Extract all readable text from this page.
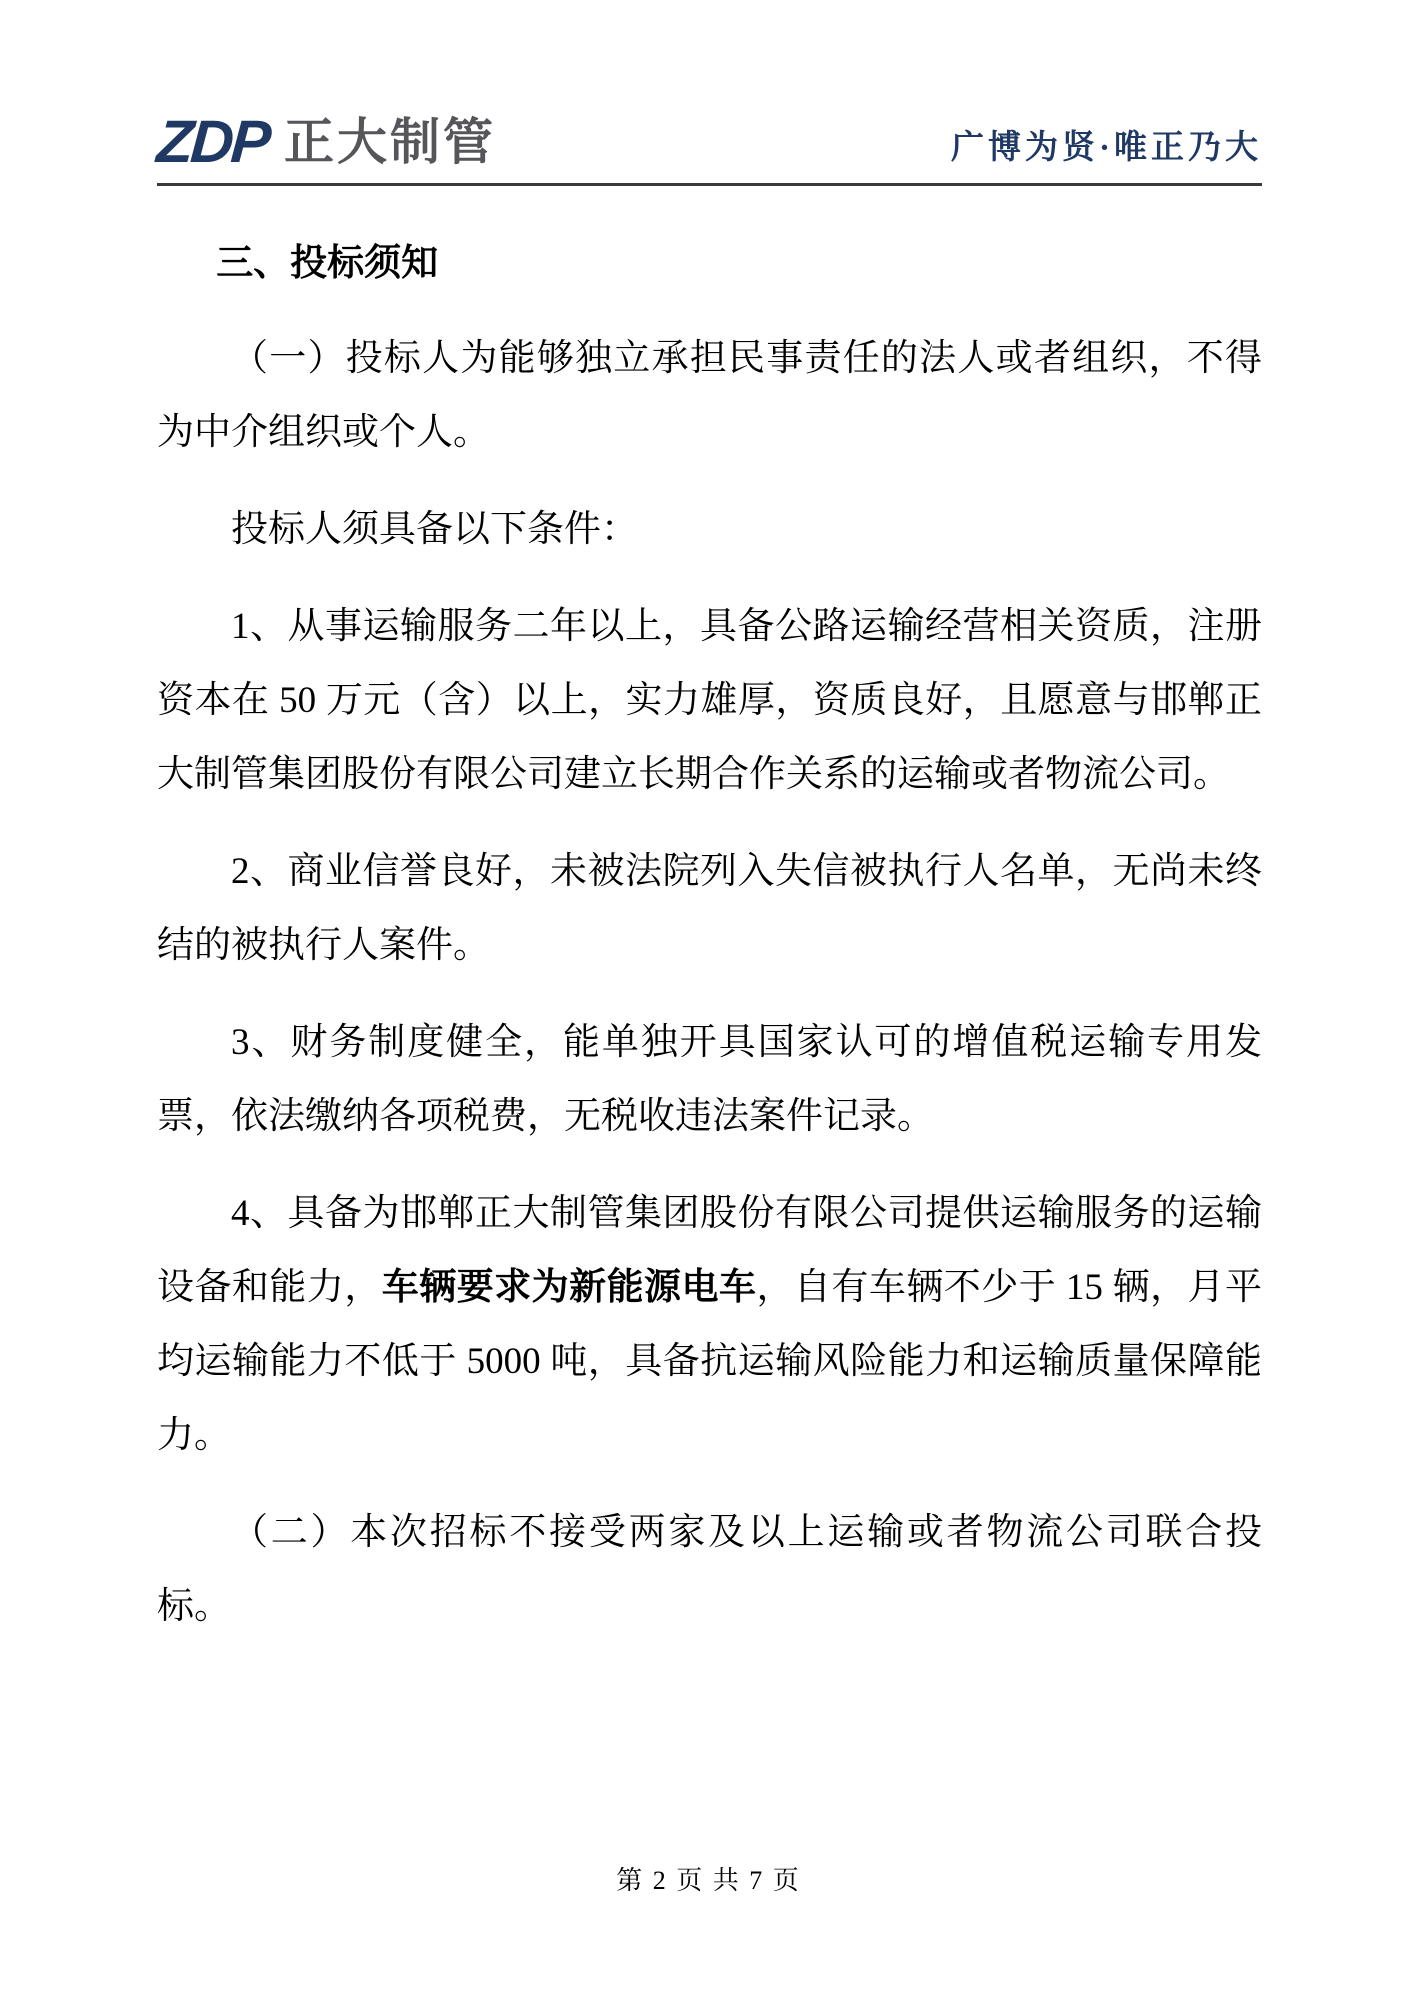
ZDP 正大制管	广博为贤·唯正乃大
三、投标须知
（一）投标人为能够独立承担民事责任的法人或者组织，不得为中介组织或个人。
投标人须具备以下条件：
1、从事运输服务二年以上，具备公路运输经营相关资质，注册资本在 50 万元（含）以上，实力雄厚，资质良好，且愿意与邯郸正大制管集团股份有限公司建立长期合作关系的运输或者物流公司。
2、商业信誉良好，未被法院列入失信被执行人名单，无尚未终结的被执行人案件。
3、财务制度健全，能单独开具国家认可的增值税运输专用发票，依法缴纳各项税费，无税收违法案件记录。
4、具备为邯郸正大制管集团股份有限公司提供运输服务的运输设备和能力，车辆要求为新能源电车，自有车辆不少于 15 辆，月平均运输能力不低于 5000 吨，具备抗运输风险能力和运输质量保障能力。
（二）本次招标不接受两家及以上运输或者物流公司联合投标。
第 2 页 共 7 页
